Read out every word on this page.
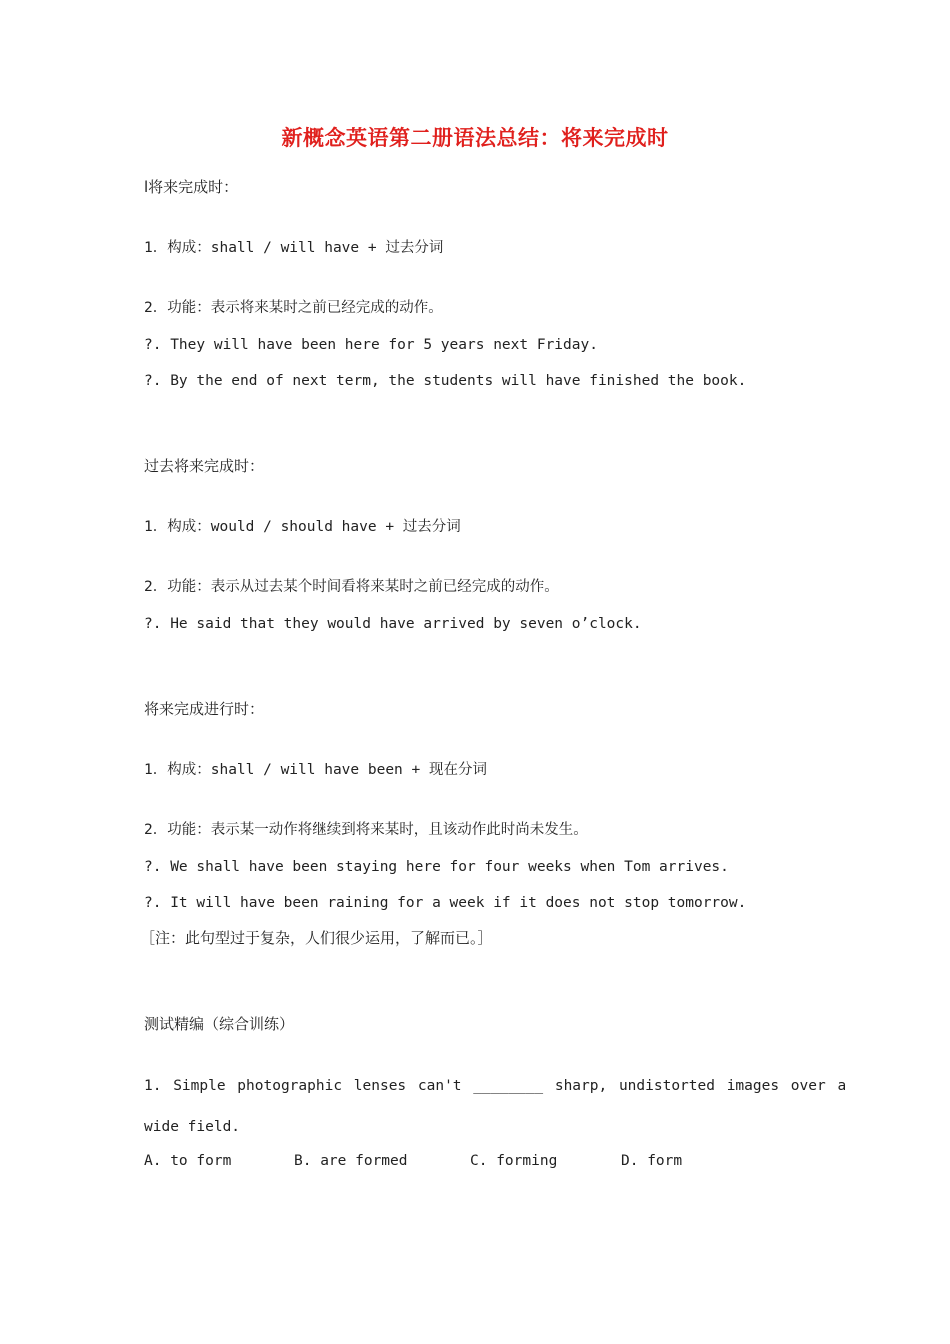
新概念英语第二册语法总结：将来完成时
l将来完成时：
1．构成：shall / will have + 过去分词
2．功能：表示将来某时之前已经完成的动作。
?. They will have been here for 5 years next Friday.
?. By the end of next term, the students will have finished the book.
过去将来完成时：
1．构成：would / should have + 过去分词
2．功能：表示从过去某个时间看将来某时之前已经完成的动作。
?. He said that they would have arrived by seven o’clock.
将来完成进行时：
1．构成：shall / will have been + 现在分词
2．功能：表示某一动作将继续到将来某时，且该动作此时尚未发生。
?. We shall have been staying here for four weeks when Tom arrives.
?. It will have been raining for a week if it does not stop tomorrow.
［注：此句型过于复杂，人们很少运用，了解而已。］
测试精编（综合训练）
1. Simple photographic lenses can't ________ sharp, undistorted images over a
wide field.
A. to form	B. are formed	C. forming	D. form
